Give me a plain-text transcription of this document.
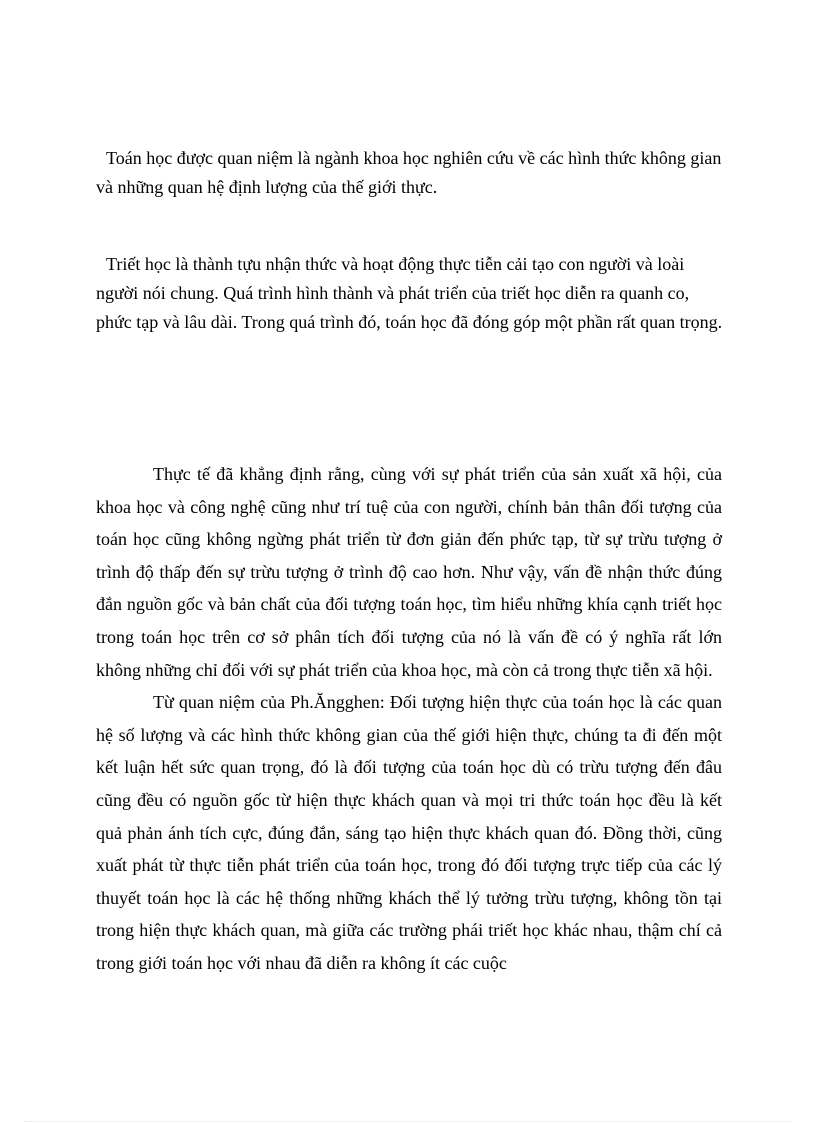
Toán học được quan niệm là ngành khoa học nghiên cứu về các hình thức không gian và những quan hệ định lượng của thế giới thực.

Triết học là thành tựu nhận thức và hoạt động thực tiễn cải tạo con người và loài người nói chung. Quá trình hình thành và phát triển của triết học diễn ra quanh co, phức tạp và lâu dài. Trong quá trình đó, toán học đã đóng góp một phần rất quan trọng.

Thực tế đã khẳng định rằng, cùng với sự phát triển của sản xuất xã hội, của khoa học và công nghệ cũng như trí tuệ của con người, chính bản thân đối tượng của toán học cũng không ngừng phát triển từ đơn giản đến phức tạp, từ sự trừu tượng ở trình độ thấp đến sự trừu tượng ở trình độ cao hơn. Như vậy, vấn đề nhận thức đúng đắn nguồn gốc và bản chất của đối tượng toán học, tìm hiểu những khía cạnh triết học trong toán học trên cơ sở phân tích đối tượng của nó là vấn đề có ý nghĩa rất lớn không những chỉ đối với sự phát triển của khoa học, mà còn cả trong thực tiễn xã hội.

Từ quan niệm của Ph.Ăngghen: Đối tượng hiện thực của toán học là các quan hệ số lượng và các hình thức không gian của thế giới hiện thực, chúng ta đi đến một kết luận hết sức quan trọng, đó là đối tượng của toán học dù có trừu tượng đến đâu cũng đều có nguồn gốc từ hiện thực khách quan và mọi tri thức toán học đều là kết quả phản ánh tích cực, đúng đắn, sáng tạo hiện thực khách quan đó. Đồng thời, cũng xuất phát từ thực tiễn phát triển của toán học, trong đó đối tượng trực tiếp của các lý thuyết toán học là các hệ thống những khách thể lý tưởng trừu tượng, không tồn tại trong hiện thực khách quan, mà giữa các trường phái triết học khác nhau, thậm chí cả trong giới toán học với nhau đã diễn ra không ít các cuộc
